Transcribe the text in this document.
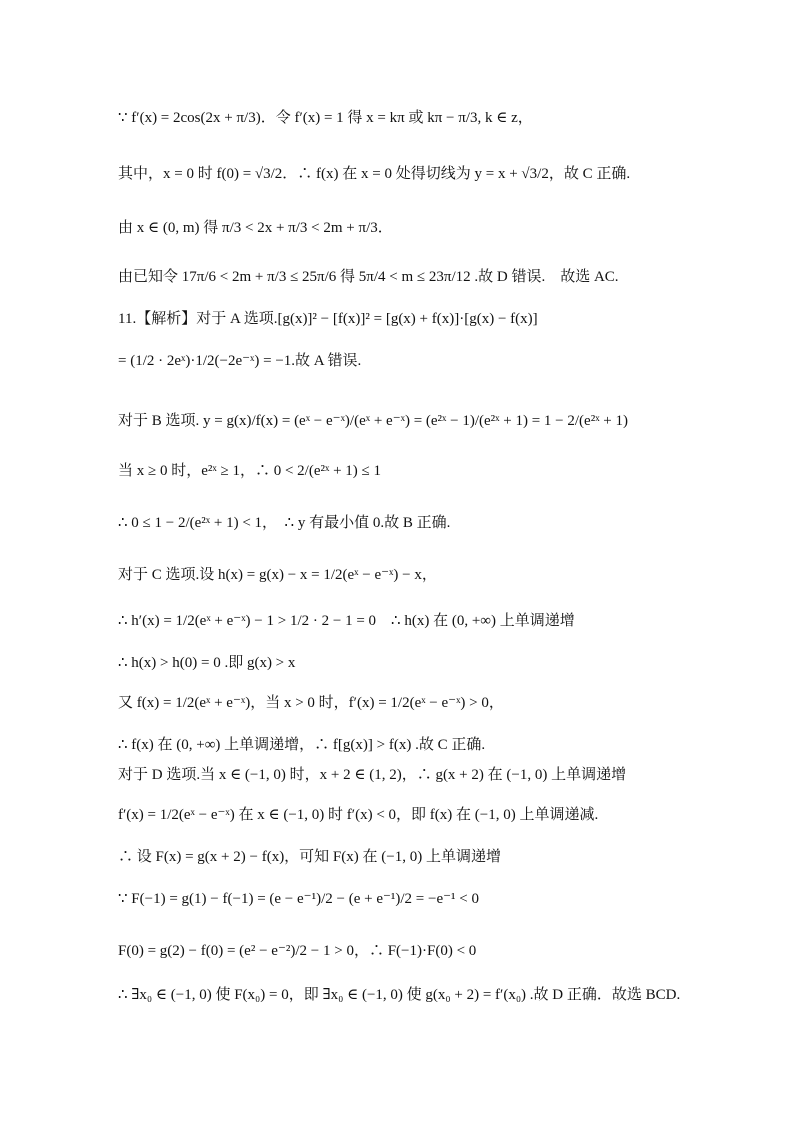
∵ f′(x) = 2cos(2x + π/3)．令 f′(x) = 1 得 x = kπ 或 kπ − π/3, k ∈ z，
其中，x = 0 时 f(0) = √3/2．∴ f(x) 在 x = 0 处得切线为 y = x + √3/2，故 C 正确.
由 x ∈ (0, m) 得 π/3 < 2x + π/3 < 2m + π/3．
由已知令 17π/6 < 2m + π/3 ≤ 25π/6 得 5π/4 < m ≤ 23π/12 .故 D 错误.　故选 AC.
11.【解析】对于 A 选项.[g(x)]² − [f(x)]² = [g(x) + f(x)]·[g(x) − f(x)]
= (1/2 · 2eˣ)·1/2(−2e⁻ˣ) = −1.故 A 错误.
对于 B 选项. y = g(x)/f(x) = (eˣ − e⁻ˣ)/(eˣ + e⁻ˣ) = (e²ˣ − 1)/(e²ˣ + 1) = 1 − 2/(e²ˣ + 1)
当 x ≥ 0 时，e²ˣ ≥ 1，∴ 0 < 2/(e²ˣ + 1) ≤ 1
∴ 0 ≤ 1 − 2/(e²ˣ + 1) < 1，　∴ y 有最小值 0.故 B 正确.
对于 C 选项.设 h(x) = g(x) − x = 1/2(eˣ − e⁻ˣ) − x，
∴ h′(x) = 1/2(eˣ + e⁻ˣ) − 1 > 1/2 · 2 − 1 = 0　∴ h(x) 在 (0, +∞) 上单调递增
∴ h(x) > h(0) = 0 .即 g(x) > x
又 f(x) = 1/2(eˣ + e⁻ˣ)，当 x > 0 时，f′(x) = 1/2(eˣ − e⁻ˣ) > 0，
∴ f(x) 在 (0, +∞) 上单调递增，∴ f[g(x)] > f(x) .故 C 正确.
对于 D 选项.当 x ∈ (−1, 0) 时，x + 2 ∈ (1, 2)，∴ g(x + 2) 在 (−1, 0) 上单调递增
f′(x) = 1/2(eˣ − e⁻ˣ) 在 x ∈ (−1, 0) 时 f′(x) < 0，即 f(x) 在 (−1, 0) 上单调递减.
∴ 设 F(x) = g(x + 2) − f(x)，可知 F(x) 在 (−1, 0) 上单调递增
∵ F(−1) = g(1) − f(−1) = (e − e⁻¹)/2 − (e + e⁻¹)/2 = −e⁻¹ < 0
F(0) = g(2) − f(0) = (e² − e⁻²)/2 − 1 > 0，∴ F(−1)·F(0) < 0
∴ ∃x₀ ∈ (−1, 0) 使 F(x₀) = 0，即 ∃x₀ ∈ (−1, 0) 使 g(x₀ + 2) = f′(x₀) .故 D 正确．故选 BCD.
